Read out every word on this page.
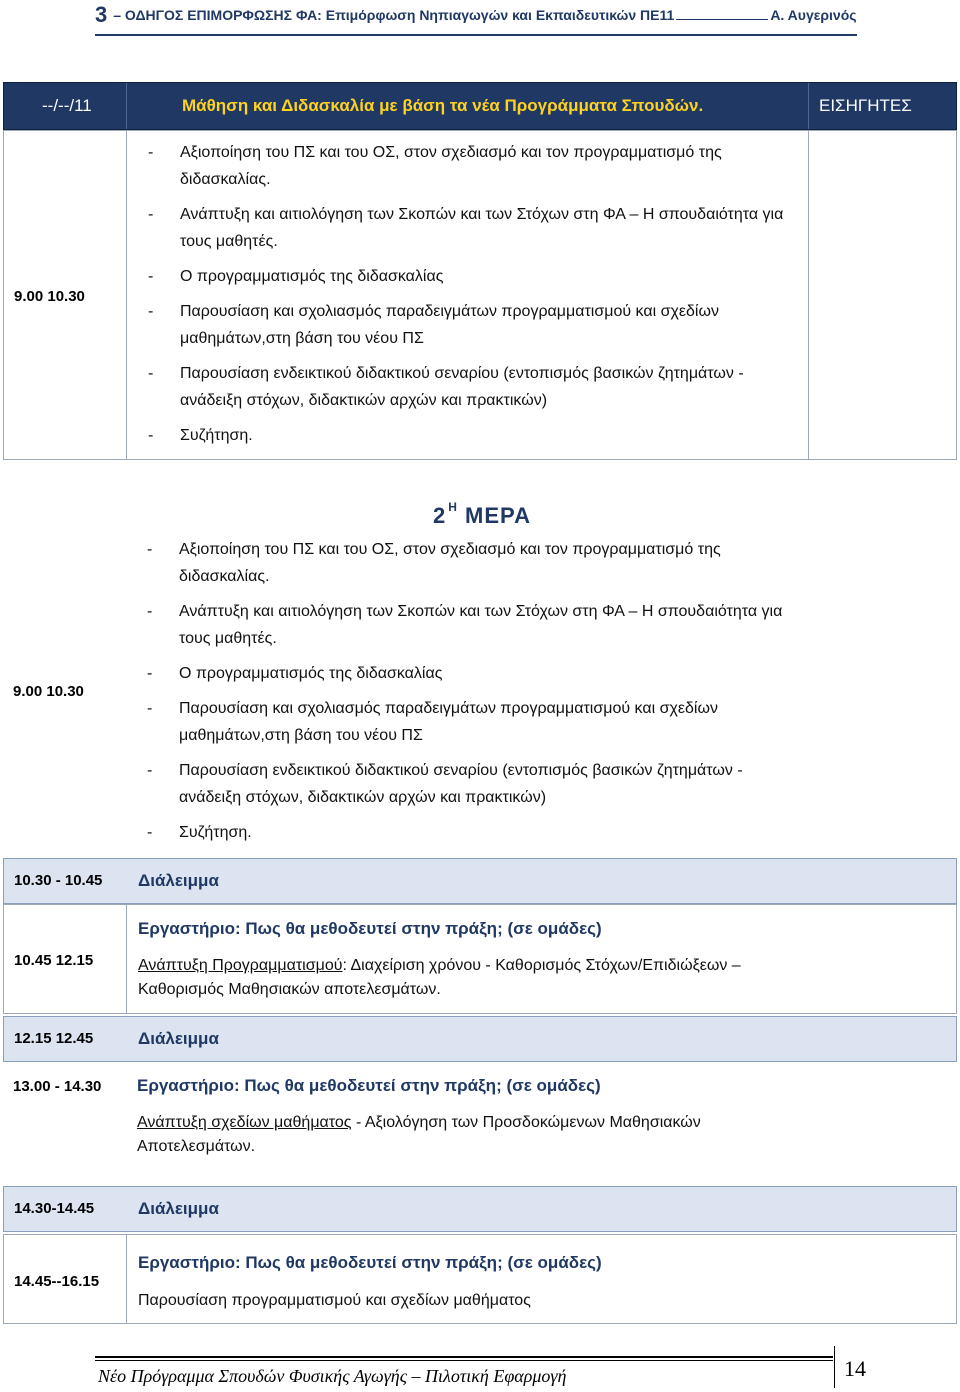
3 – ΟΔΗΓΟΣ ΕΠΙΜΟΡΦΩΣΗΣ ΦΑ: Επιμόρφωση Νηπιαγωγών και Εκπαιδευτικών ΠΕ11	Α. Αυγερινός
--/--/11	Μάθηση και Διδασκαλία με βάση τα νέα Προγράμματα Σπουδών.	ΕΙΣΗΓΗΤΕΣ
9.00 10.30
- Αξιοποίηση του ΠΣ και του ΟΣ, στον σχεδιασμό και τον προγραμματισμό της διδασκαλίας.
- Ανάπτυξη και αιτιολόγηση των Σκοπών και των Στόχων στη ΦΑ – Η σπουδαιότητα για τους μαθητές.
- Ο προγραμματισμός της διδασκαλίας
- Παρουσίαση και σχολιασμός παραδειγμάτων προγραμματισμού και σχεδίων μαθημάτων,στη βάση του νέου ΠΣ
- Παρουσίαση ενδεικτικού διδακτικού σεναρίου (εντοπισμός βασικών ζητημάτων - ανάδειξη στόχων, διδακτικών αρχών και πρακτικών)
- Συζήτηση.
2 $^H$ ΜΕΡΑ
9.00 10.30
- Αξιοποίηση του ΠΣ και του ΟΣ, στον σχεδιασμό και τον προγραμματισμό της διδασκαλίας.
- Ανάπτυξη και αιτιολόγηση των Σκοπών και των Στόχων στη ΦΑ – Η σπουδαιότητα για τους μαθητές.
- Ο προγραμματισμός της διδασκαλίας
- Παρουσίαση και σχολιασμός παραδειγμάτων προγραμματισμού και σχεδίων μαθημάτων,στη βάση του νέου ΠΣ
- Παρουσίαση ενδεικτικού διδακτικού σεναρίου (εντοπισμός βασικών ζητημάτων - ανάδειξη στόχων, διδακτικών αρχών και πρακτικών)
- Συζήτηση.
10.30 - 10.45 Διάλειμμα
10.45 12.15
Εργαστήριο: Πως θα μεθοδευτεί στην πράξη; (σε ομάδες)
Ανάπτυξη Προγραμματισμού: Διαχείριση χρόνου - Καθορισμός Στόχων/Επιδιώξεων – Καθορισμός Μαθησιακών αποτελεσμάτων.
12.15 12.45	Διάλειμμα
13.00 - 14.30 Εργαστήριο: Πως θα μεθοδευτεί στην πράξη; (σε ομάδες)
Ανάπτυξη σχεδίων μαθήματος - Αξιολόγηση των Προσδοκώμενων Μαθησιακών Αποτελεσμάτων.
14.30-14.45	Διάλειμμα
14.45--16.15
Εργαστήριο: Πως θα μεθοδευτεί στην πράξη; (σε ομάδες)
Παρουσίαση προγραμματισμού και σχεδίων μαθήματος
Νέο Πρόγραμμα Σπουδών Φυσικής Αγωγής – Πιλοτική Εφαρμογή	14
